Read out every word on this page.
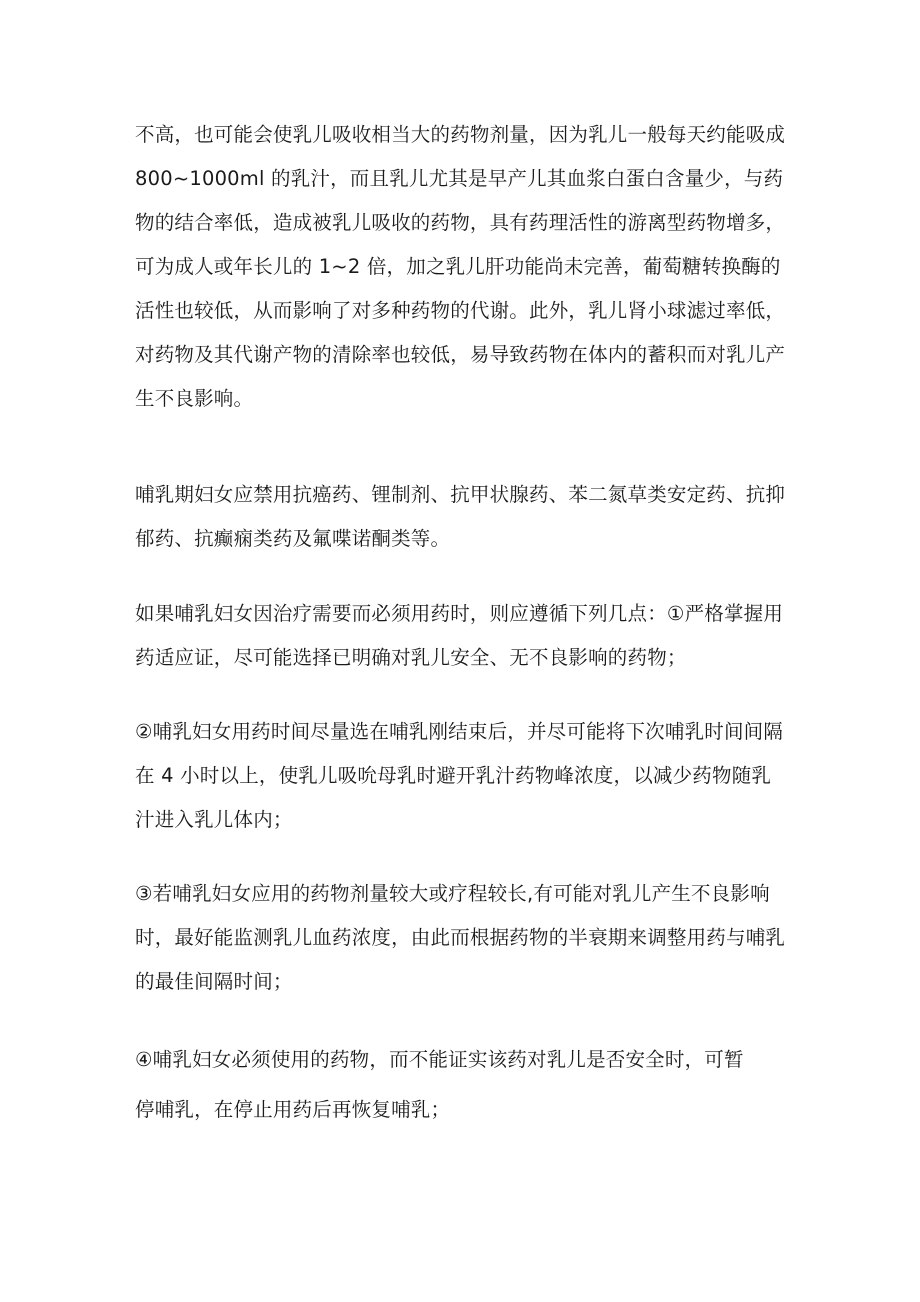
不高，也可能会使乳儿吸收相当大的药物剂量，因为乳儿一般每天约能吸成
800~1000ml 的乳汁，而且乳儿尤其是早产儿其血浆白蛋白含量少，与药
物的结合率低，造成被乳儿吸收的药物，具有药理活性的游离型药物增多，
可为成人或年长儿的 1~2 倍，加之乳儿肝功能尚未完善，葡萄糖转换酶的
活性也较低，从而影响了对多种药物的代谢。此外，乳儿肾小球滤过率低，
对药物及其代谢产物的清除率也较低，易导致药物在体内的蓄积而对乳儿产
生不良影响。
哺乳期妇女应禁用抗癌药、锂制剂、抗甲状腺药、苯二氮草类安定药、抗抑
郁药、抗癫痫类药及氟喋诺酮类等。
如果哺乳妇女因治疗需要而必须用药时，则应遵循下列几点：①严格掌握用
药适应证，尽可能选择已明确对乳儿安全、无不良影响的药物；
②哺乳妇女用药时间尽量选在哺乳刚结束后，并尽可能将下次哺乳时间间隔
在 4 小时以上，使乳儿吸吮母乳时避开乳汁药物峰浓度，以减少药物随乳
汁进入乳儿体内；
③若哺乳妇女应用的药物剂量较大或疗程较长,有可能对乳儿产生不良影响
时，最好能监测乳儿血药浓度，由此而根据药物的半衰期来调整用药与哺乳
的最佳间隔时间；
④哺乳妇女必须使用的药物，而不能证实该药对乳儿是否安全时，可暂
停哺乳，在停止用药后再恢复哺乳；
